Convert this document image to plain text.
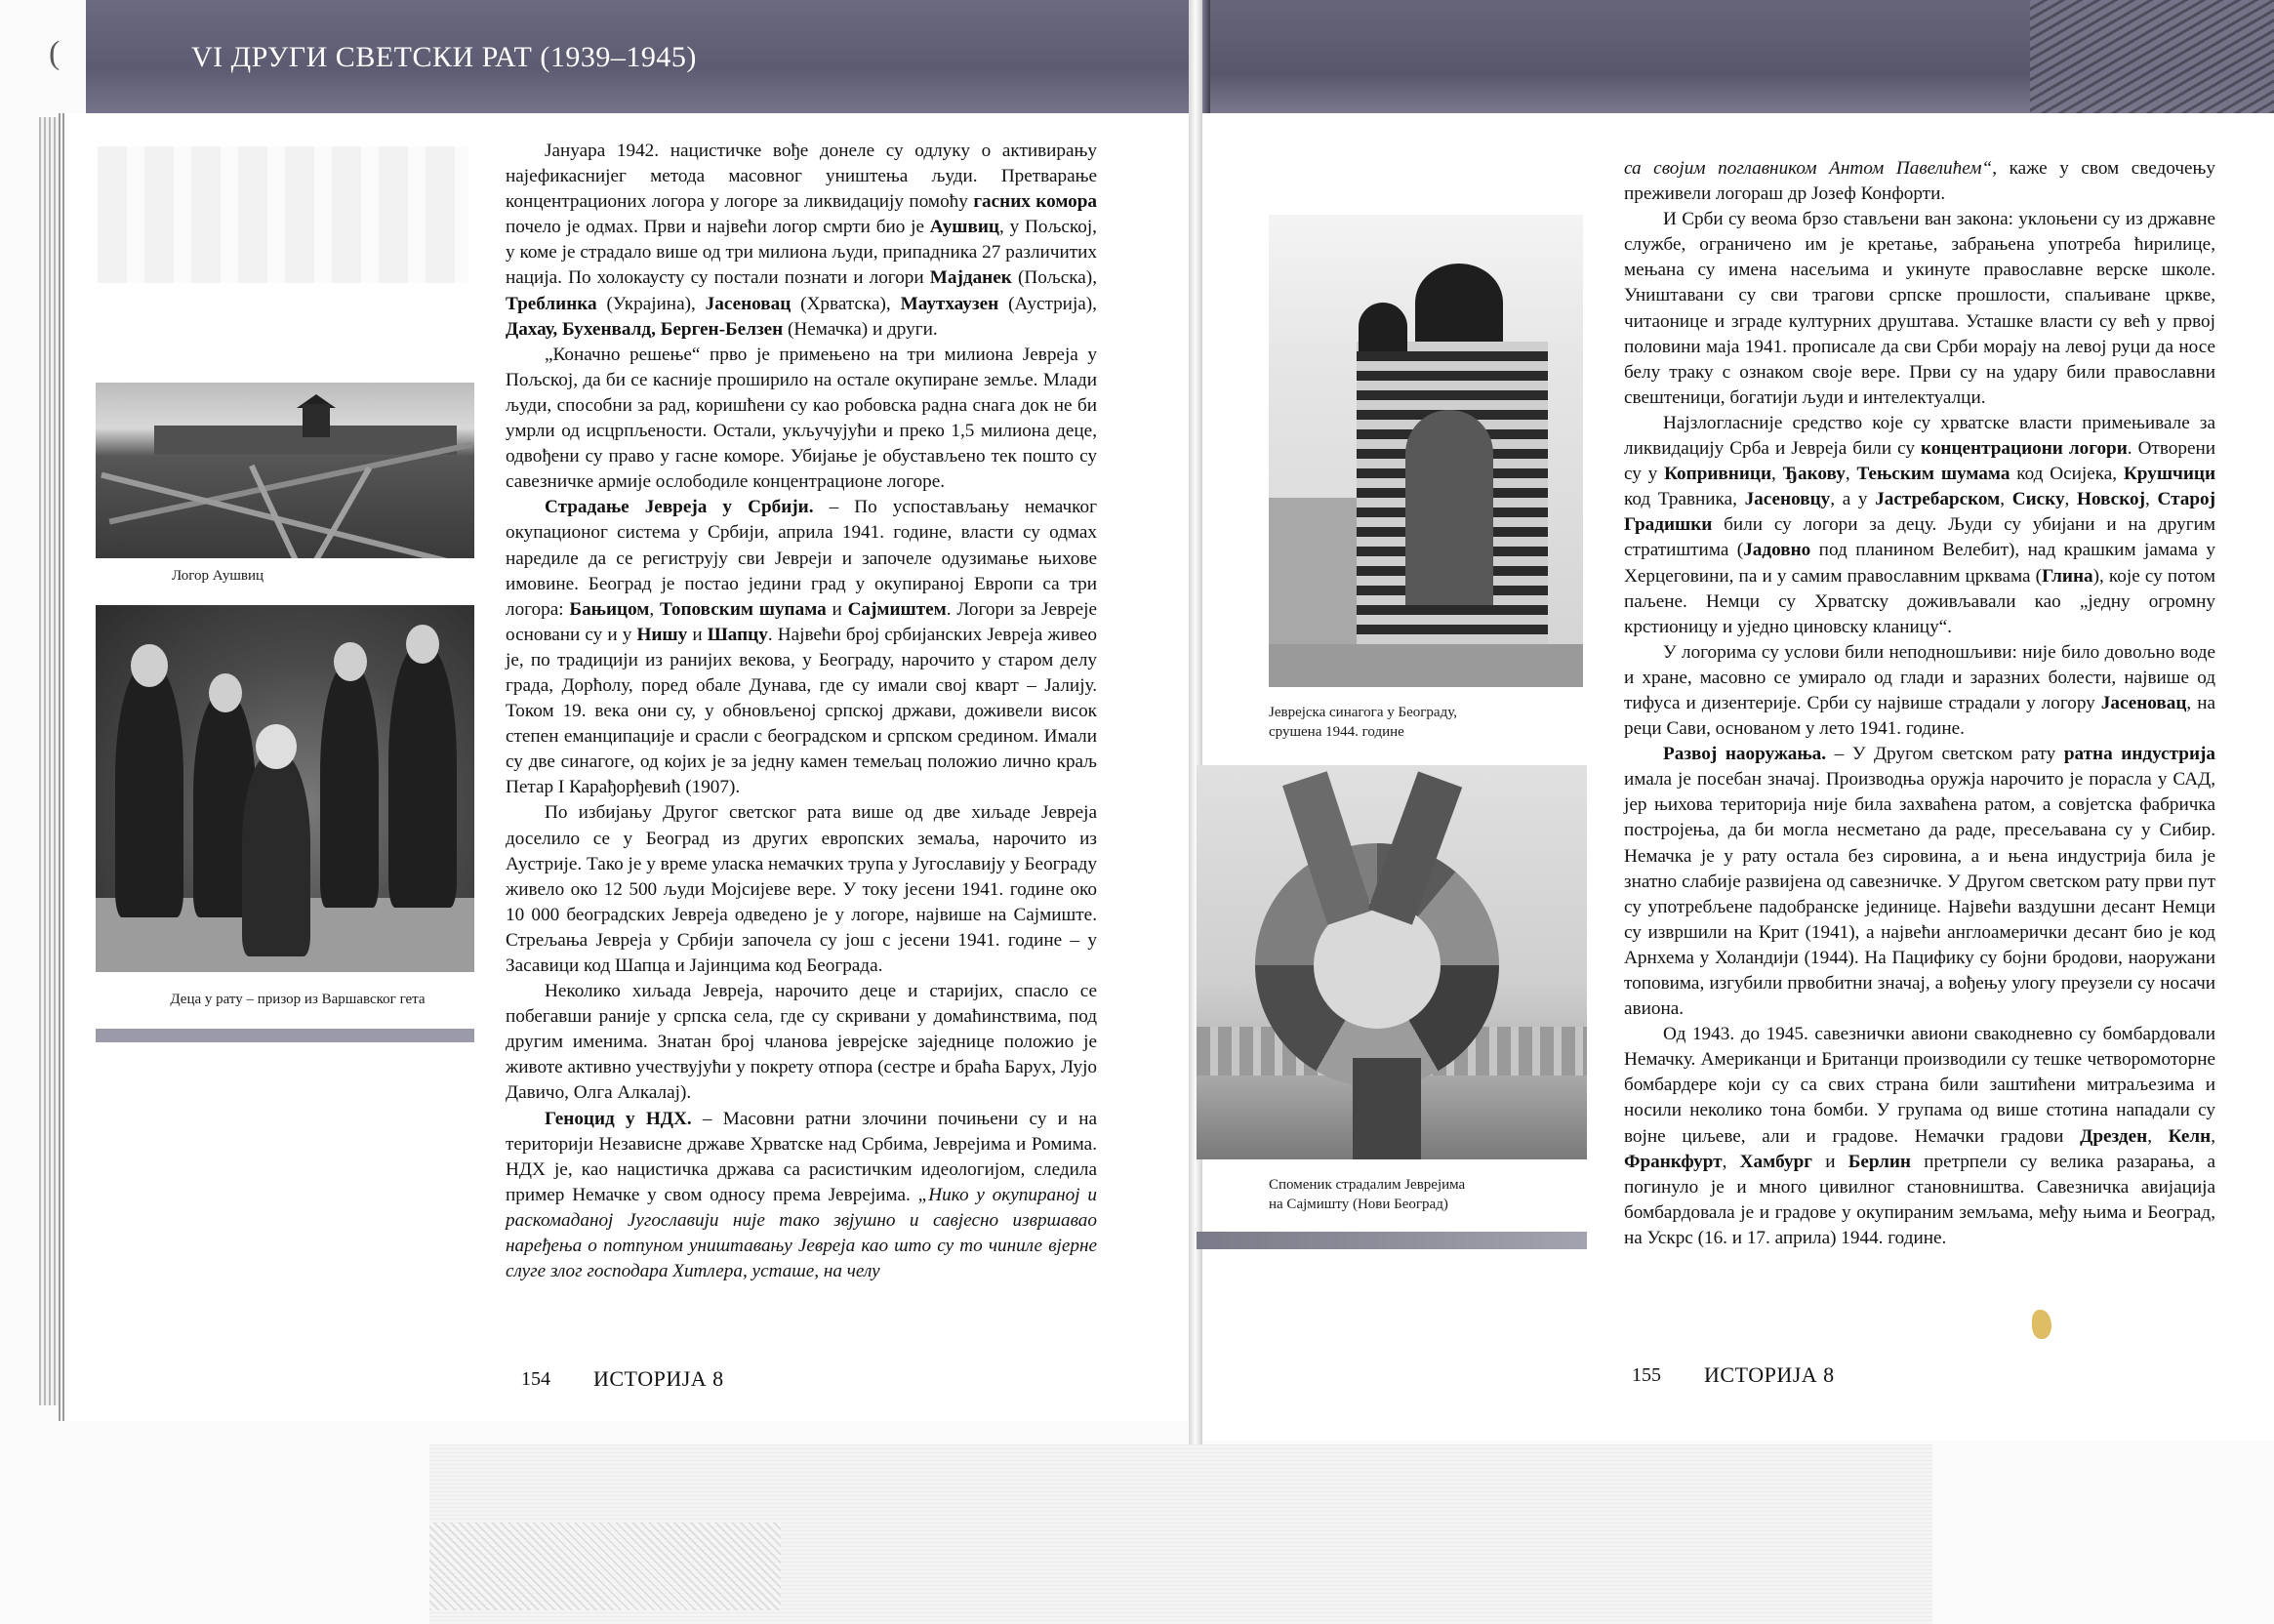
(	VI ДРУГИ СВЕТСКИ РАТ (1939–1945)
Логор Аушвиц
Деца у рату – призор из Варшавског гета

Јануара 1942. нацистичке вође донеле су одлуку о активирању најефикаснијег метода масовног уништења људи. Претварање концентрационих логора у логоре за ликвидацију помоћу гасних комора почело је одмах. Први и највећи логор смрти био је Аушвиц, у Пољској, у коме је страдало више од три милиона људи, припадника 27 различитих нација. По холокаусту су постали познати и логори Мајданек (Пољска), Треблинка (Украјина), Јасеновац (Хрватска), Маутхаузен (Аустрија), Дахау, Бухенвалд, Берген-Белзен (Немачка) и други.

„Коначно решење“ прво је примењено на три милиона Јевреја у Пољској, да би се касније проширило на остале окупиране земље. Млади људи, способни за рад, коришћени су као робовска радна снага док не би умрли од исцрпљености. Остали, укључујући и преко 1,5 милиона деце, одвођени су право у гасне коморе. Убијање је обустављено тек пошто су савезничке армије ослободиле концентрационе логоре.

Страдање Јевреја у Србији. – По успостављању немачког окупационог система у Србији, априла 1941. године, власти су одмах наредиле да се региструју сви Јевреји и започеле одузимање њихове имовине. Београд је постао једини град у окупираној Европи са три логора: Бањицом, Топовским шупама и Сајмиштем. Логори за Јевреје основани су и у Нишу и Шапцу. Највећи број србијанских Јевреја живео је, по традицији из ранијих векова, у Београду, нарочито у старом делу града, Дорћолу, поред обале Дунава, где су имали свој кварт – Јалију. Током 19. века они су, у обновљеној српској држави, доживели висок степен еманципације и срасли с београдском и српском средином. Имали су две синагоге, од којих је за једну камен темељац положио лично краљ Петар I Карађорђевић (1907).

По избијању Другог светског рата више од две хиљаде Јевреја доселило се у Београд из других европских земаља, нарочито из Аустрије. Тако је у време уласка немачких трупа у Југославију у Београду живело око 12 500 људи Мојсијеве вере. У току јесени 1941. године око 10 000 београдских Јевреја одведено је у логоре, највише на Сајмиште. Стрељања Јевреја у Србији започела су још с јесени 1941. године – у Засавици код Шапца и Јајинцима код Београда.

Неколико хиљада Јевреја, нарочито деце и старијих, спасло се побегавши раније у српска села, где су скривани у домаћинствима, под другим именима. Знатан број чланова јеврејске заједнице положио је животе активно учествујући у покрету отпора (сестре и браћа Барух, Лујо Давичо, Олга Алкалај).

Геноцид у НДХ. – Масовни ратни злочини почињени су и на територији Независне државе Хрватске над Србима, Јеврејима и Ромима. НДХ је, као нацистичка држава са расистичким идеологијом, следила пример Немачке у свом односу према Јеврејима. „Нико у окупираној и раскомаданој Југославији није тако звјушно и савјесно извршавао наређења о потпуном уништавању Јевреја као што су то чиниле вјерне слуге злог господара Хитлера, усташе, на челу

154 ИСТОРИЈА 8
Јеврејска синагога у Београду,
срушена 1944. године
Споменик страдалим Јеврејима
на Сајмишту (Нови Београд)

са својим поглавником Антом Павелићем“, каже у свом сведочењу преживели логораш др Јозеф Конфорти.

И Срби су веома брзо стављени ван закона: уклоњени су из државне службе, ограничено им је кретање, забрањена употреба ћирилице, мењана су имена насељима и укинуте православне верске школе. Уништавани су сви трагови српске прошлости, спаљиване цркве, читаонице и зграде културних друштава. Усташке власти су већ у првој половини маја 1941. прописале да сви Срби морају на левој руци да носе белу траку с ознаком своје вере. Први су на удару били православни свештеници, богатији људи и интелектуалци.

Најзлогласније средство које су хрватске власти примењивале за ликвидацију Срба и Јевреја били су концентрациони логори. Отворени су у Копривници, Ђакову, Тењским шумама код Осијека, Крушчици код Травника, Јасеновцу, а у Јастребарском, Сиску, Новској, Старој Градишки били су логори за децу. Људи су убијани и на другим стратиштима (Јадовно под планином Велебит), над крашким јамама у Херцеговини, па и у самим православним црквама (Глина), које су потом паљене. Немци су Хрватску доживљавали као „једну огромну крстионицу и уједно циновску кланицу“.

У логорима су услови били неподношљиви: није било довољно воде и хране, масовно се умирало од глади и заразних болести, највише од тифуса и дизентерије. Срби су највише страдали у логору Јасеновац, на реци Сави, основаном у лето 1941. године.

Развој наоружања. – У Другом светском рату ратна индустрија имала је посебан значај. Производња оружја нарочито је порасла у САД, јер њихова територија није била захваћена ратом, а совјетска фабричка постројења, да би могла несметано да раде, пресељавана су у Сибир. Немачка је у рату остала без сировина, а и њена индустрија била је знатно слабије развијена од савезничке. У Другом светском рату први пут су употребљене падобранске јединице. Највећи ваздушни десант Немци су извршили на Крит (1941), а највећи англоамерички десант био је код Арнхема у Холандији (1944). На Пацифику су бојни бродови, наоружани топовима, изгубили првобитни значај, а вођењу улогу преузели су носачи авиона.

Од 1943. до 1945. савезнички авиони свакодневно су бомбардовали Немачку. Американци и Британци производили су тешке четворомоторне бомбардере који су са свих страна били заштићени митраљезима и носили неколико тона бомби. У групама од више стотина нападали су војне циљеве, али и градове. Немачки градови Дрезден, Келн, Франкфурт, Хамбург и Берлин претрпели су велика разарања, а погинуло је и много цивилног становништва. Савезничка авијација бомбардовала је и градове у окупираним земљама, међу њима и Београд, на Ускрс (16. и 17. априла) 1944. године.

155 ИСТОРИЈА 8
